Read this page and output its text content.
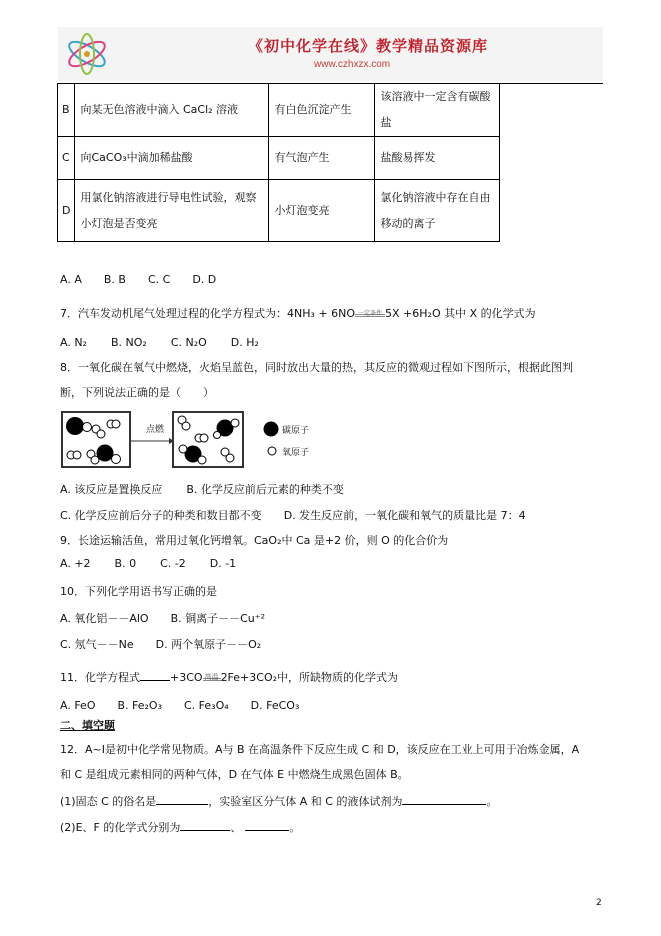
《初中化学在线》教学精品资源库
www.czhxzx.com
B	向某无色溶液中滴入 CaCl₂ 溶液	有白色沉淀产生	该溶液中一定含有碳酸盐
C	向CaCO₃中滴加稀盐酸	有气泡产生	盐酸易挥发
D	用氯化钠溶液进行导电性试验，观察小灯泡是否变亮	小灯泡变亮	氯化钠溶液中存在自由移动的离子
A. A B. B C. C D. D
7．汽车发动机尾气处理过程的化学方程式为：4NH₃ + 6NO 一定条件 5X +6H₂O 其中 X 的化学式为
A. N₂ B. NO₂ C. N₂O D. H₂
8．一氧化碳在氧气中燃烧，火焰呈蓝色，同时放出大量的热，其反应的微观过程如下图所示，根据此图判
断，下列说法正确的是（　　）
点燃	碳原子
氧原子
A. 该反应是置换反应 B. 化学反应前后元素的种类不变
C. 化学反应前后分子的种类和数目都不变 D. 发生反应前，一氧化碳和氧气的质量比是 7：4
9．长途运输活鱼，常用过氧化钙增氧。CaO₂中 Ca 是+2 价，则 O 的化合价为
A. +2 B. 0 C. -2 D. -1
10．下列化学用语书写正确的是
A. 氧化铝－－AlO B. 铜离子－－Cu⁺²
C. 氖气－－Ne D. 两个氧原子－－O₂
11．化学方程式	+3CO 高温 2Fe+3CO₂中，所缺物质的化学式为
A. FeO B. Fe₂O₃ C. Fe₃O₄ D. FeCO₃
二、填空题
12．A~I是初中化学常见物质。A与 B 在高温条件下反应生成 C 和 D，该反应在工业上可用于冶炼金属，A
和 C 是组成元素相同的两种气体，D 在气体 E 中燃烧生成黑色固体 B。
(1)固态 C 的俗名是	，实验室区分气体 A 和 C 的液体试剂为	。
(2)E、F 的化学式分别为	、	。
2
